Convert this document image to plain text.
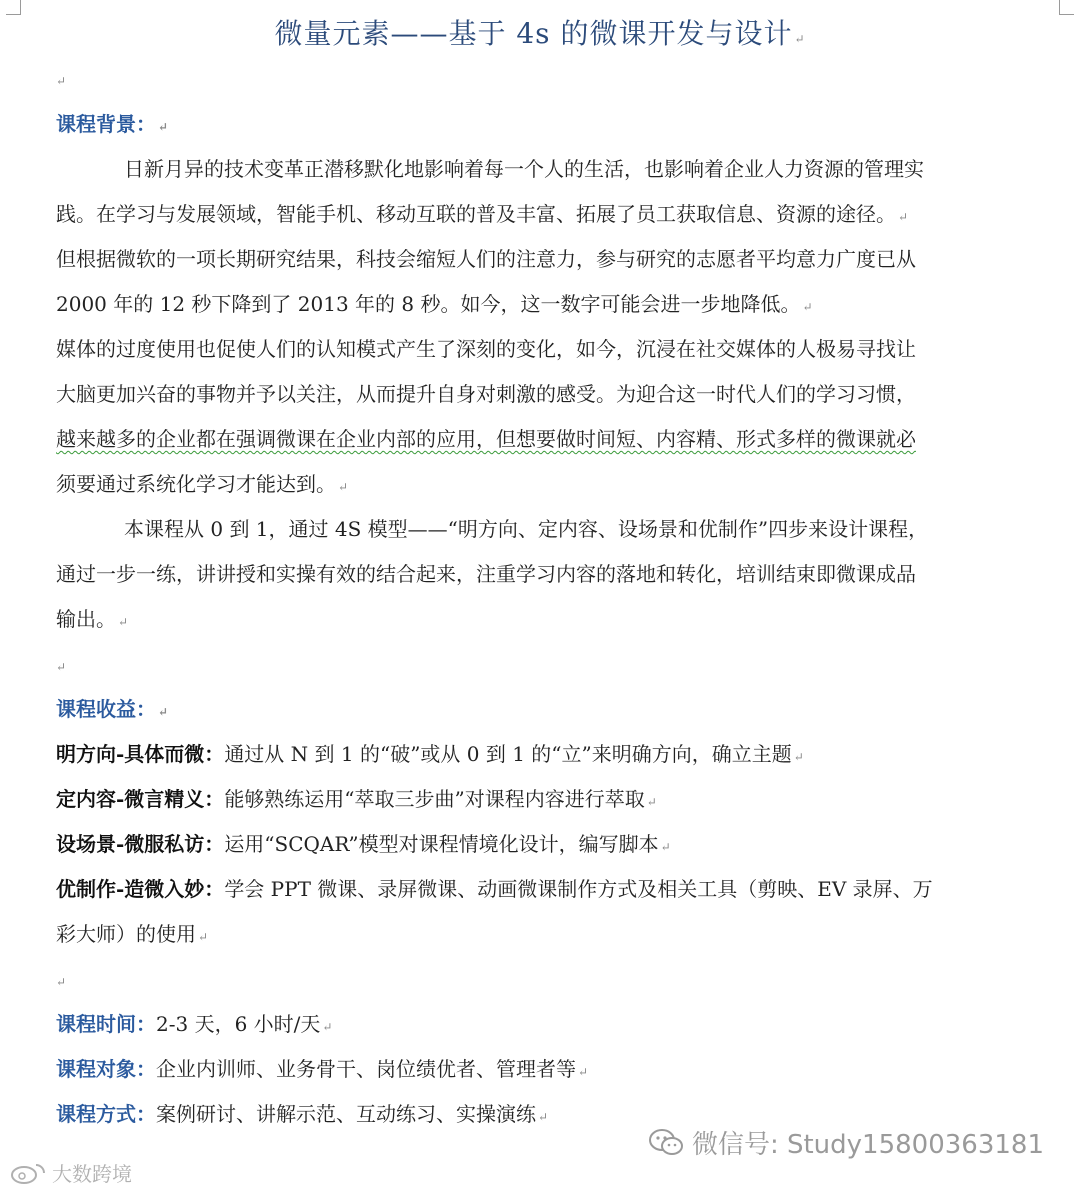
微量元素——基于 4s 的微课开发与设计 ↵
↵
课程背景： ↵
日新月异的技术变革正潜移默化地影响着每一个人的生活，也影响着企业人力资源的管理实
践。在学习与发展领域，智能手机、移动互联的普及丰富、拓展了员工获取信息、资源的途径。 ↵
但根据微软的一项长期研究结果，科技会缩短人们的注意力，参与研究的志愿者平均意力广度已从
2000 年的 12 秒下降到了 2013 年的 8 秒。如今，这一数字可能会进一步地降低。 ↵
媒体的过度使用也促使人们的认知模式产生了深刻的变化，如今，沉浸在社交媒体的人极易寻找让
大脑更加兴奋的事物并予以关注，从而提升自身对刺激的感受。为迎合这一时代人们的学习习惯，
越来越多的企业都在强调微课在企业内部的应用，但想要做时间短、内容精、形式多样的微课就必
须要通过系统化学习才能达到。 ↵
本课程从 0 到 1，通过 4S 模型——“明方向、定内容、设场景和优制作”四步来设计课程，
通过一步一练，讲讲授和实操有效的结合起来，注重学习内容的落地和转化，培训结束即微课成品
输出。 ↵
↵
课程收益： ↵
明方向-具体而微：通过从 N 到 1 的“破”或从 0 到 1 的“立”来明确方向，确立主题 ↵
定内容-微言精义：能够熟练运用“萃取三步曲”对课程内容进行萃取 ↵
设场景-微服私访：运用“SCQAR”模型对课程情境化设计，编写脚本 ↵
优制作-造微入妙：学会 PPT 微课、录屏微课、动画微课制作方式及相关工具（剪映、EV 录屏、万
彩大师）的使用 ↵
↵
课程时间：2-3 天，6 小时/天 ↵
课程对象：企业内训师、业务骨干、岗位绩优者、管理者等 ↵
课程方式：案例研讨、讲解示范、互动练习、实操演练 ↵
微信号: Study15800363181
大数跨境
